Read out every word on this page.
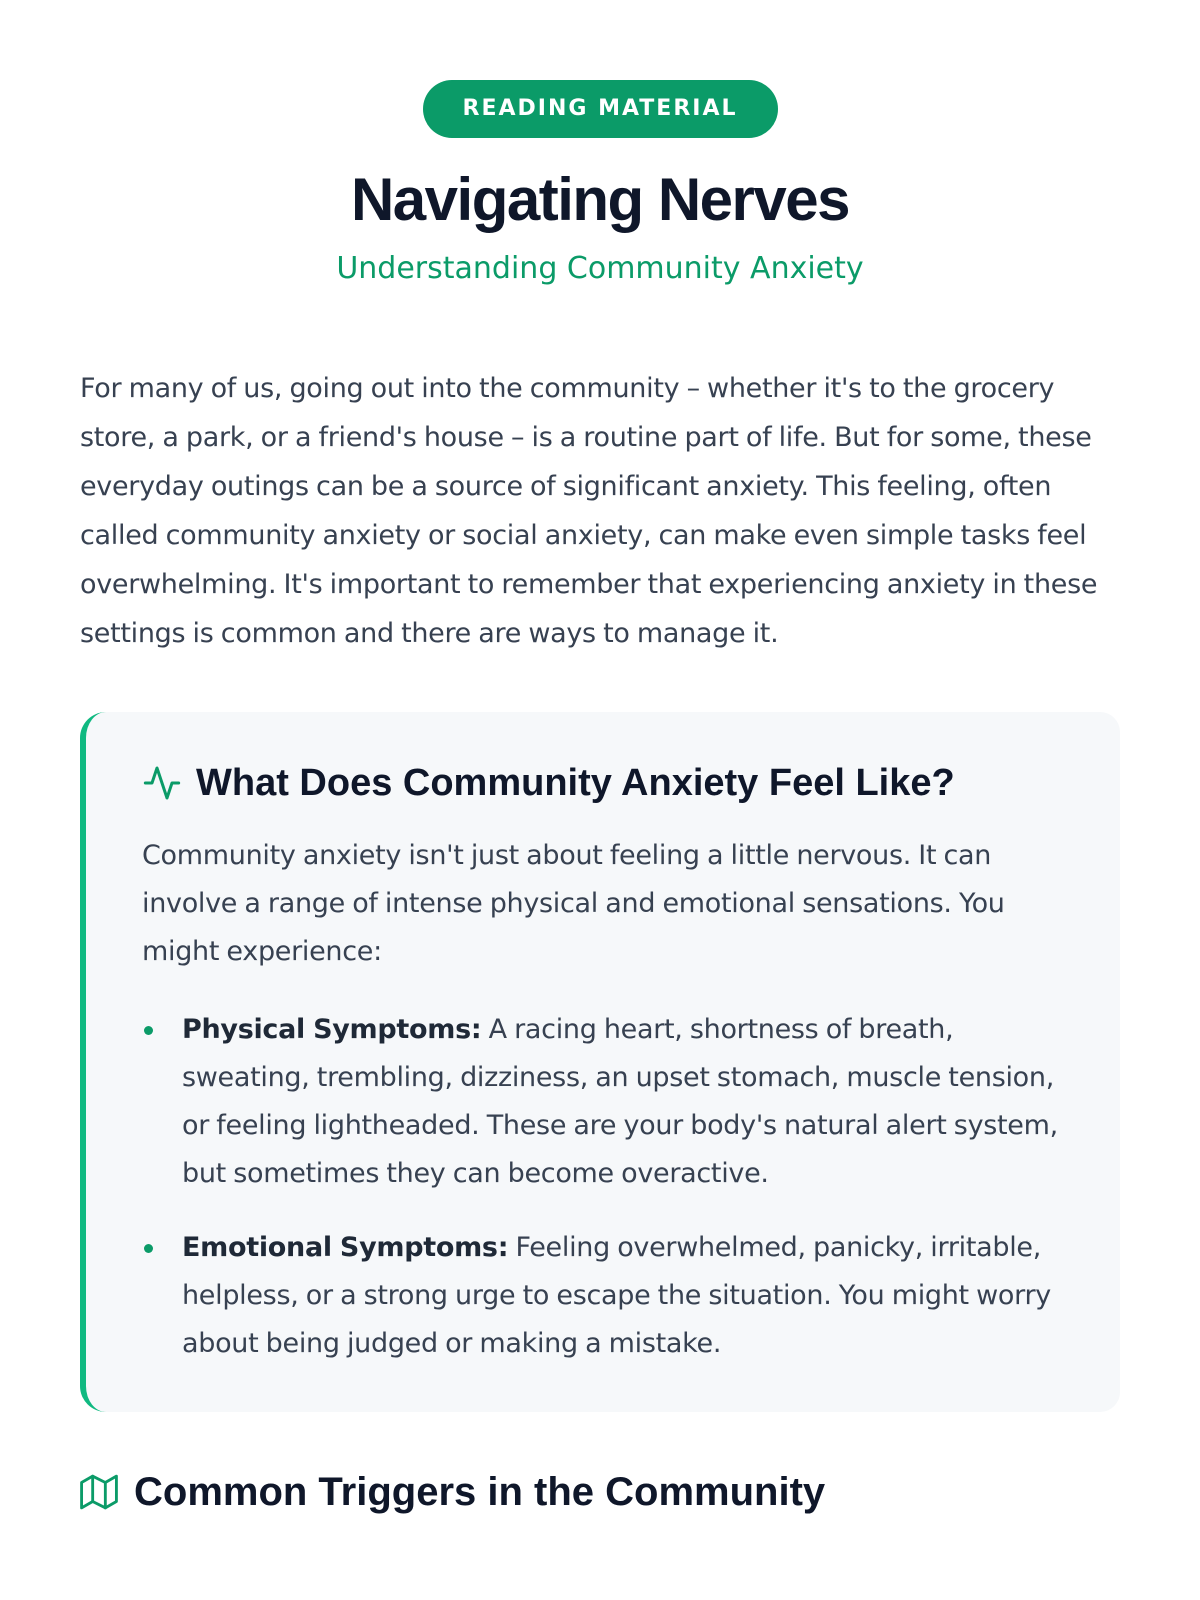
READING MATERIAL
Navigating Nerves
Understanding Community Anxiety

For many of us, going out into the community – whether it's to the grocery store, a park, or a friend's house – is a routine part of life. But for some, these everyday outings can be a source of significant anxiety. This feeling, often called community anxiety or social anxiety, can make even simple tasks feel overwhelming. It's important to remember that experiencing anxiety in these settings is common and there are ways to manage it.

What Does Community Anxiety Feel Like?

Community anxiety isn't just about feeling a little nervous. It can involve a range of intense physical and emotional sensations. You might experience:

Physical Symptoms: A racing heart, shortness of breath, sweating, trembling, dizziness, an upset stomach, muscle tension, or feeling lightheaded. These are your body's natural alert system, but sometimes they can become overactive.
Emotional Symptoms: Feeling overwhelmed, panicky, irritable, helpless, or a strong urge to escape the situation. You might worry about being judged or making a mistake.
Common Triggers in the Community
